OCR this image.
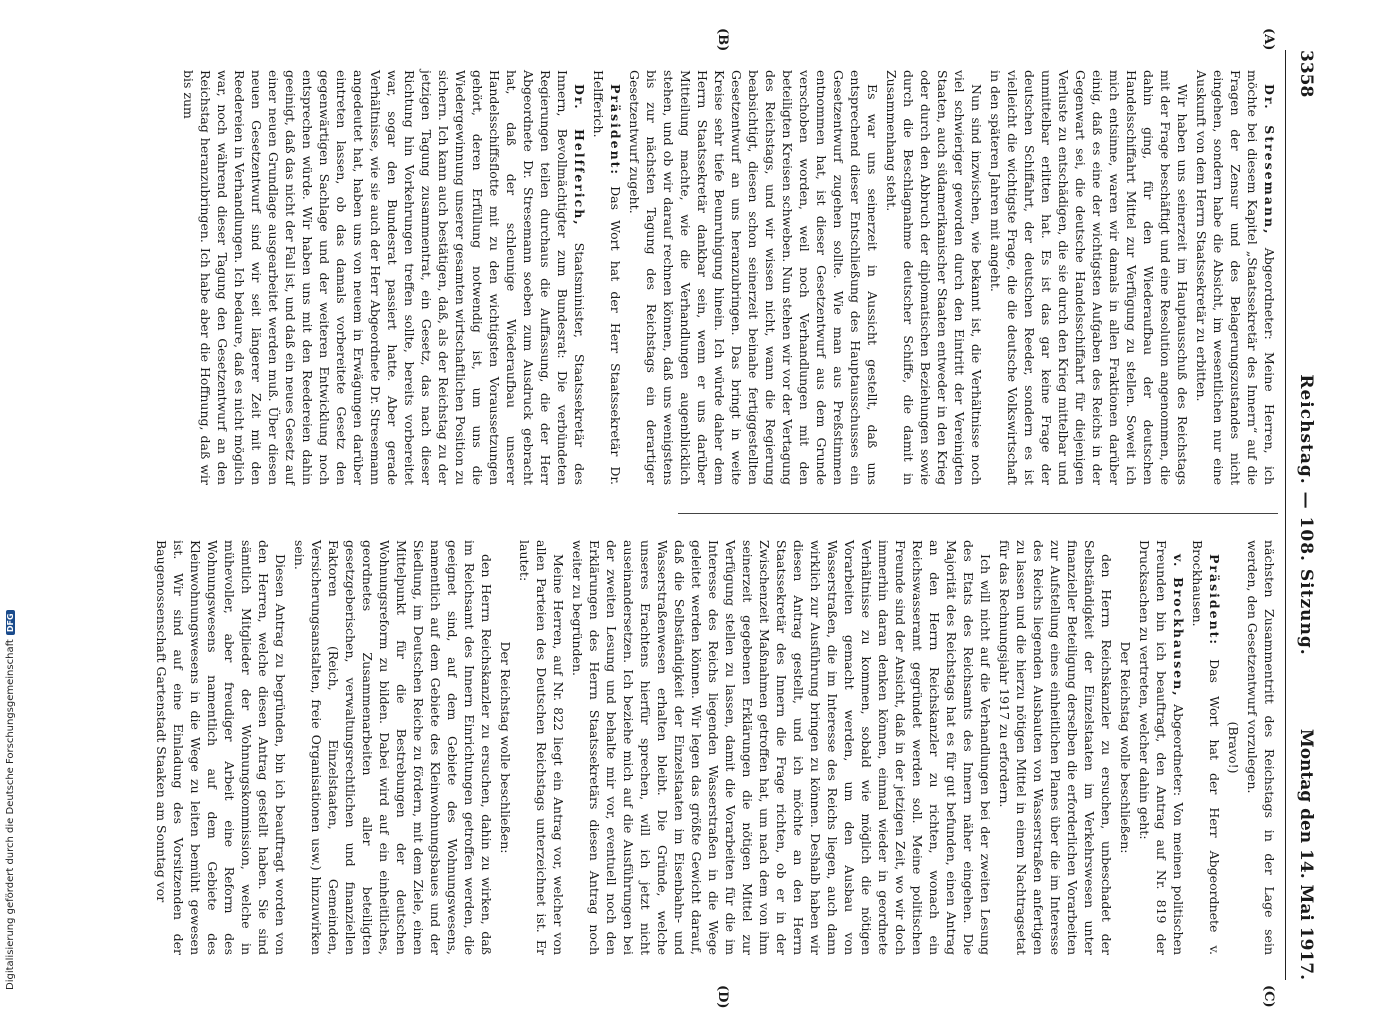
3358
Reichstag. — 108. Sitzung.
Montag den 14. Mai 1917.
(A)
(B)
(C)
(D)

Dr. Stresemann, Abgeordneter: Meine Herren, ich möchte bei diesem Kapitel „Staatssekretär des Innern“ auf die Fragen der Zensur und des Belagerungszustandes nicht eingehen, sondern habe die Absicht, im wesentlichen nur eine Auskunft von dem Herrn Staatssekretär zu erbitten.

Wir haben uns seinerzeit im Hauptausschuß des Reichstags mit der Frage beschäftigt und eine Resolution angenommen, die dahin ging, für den Wiederaufbau der deutschen Handelsschiffahrt Mittel zur Verfügung zu stellen. Soweit ich mich entsinne, waren wir damals in allen Fraktionen darüber einig, daß es eine der wichtigsten Aufgaben des Reichs in der Gegenwart sei, die deutsche Handelsschiffahrt für diejenigen Verluste zu entschädigen, die sie durch den Krieg mittelbar und unmittelbar erlitten hat. Es ist das gar keine Frage der deutschen Schiffahrt, der deutschen Reeder, sondern es ist vielleicht die wichtigste Frage, die die deutsche Volkswirtschaft in den späteren Jahren mit angeht.

Nun sind inzwischen, wie bekannt ist, die Verhältnisse noch viel schwieriger geworden durch den Eintritt der Vereinigten Staaten, auch südamerikanischer Staaten entweder in den Krieg oder durch den Abbruch der diplomatischen Beziehungen sowie durch die Beschlagnahme deutscher Schiffe, die damit in Zusammenhang steht.

Es war uns seinerzeit in Aussicht gestellt, daß uns entsprechend dieser Entschließung des Hauptausschusses ein Gesetzentwurf zugehen sollte. Wie man aus Preßstimmen entnommen hat, ist dieser Gesetzentwurf aus dem Grunde verschoben worden, weil noch Verhandlungen mit den beteiligten Kreisen schweben. Nun stehen wir vor der Vertagung des Reichstags, und wir wissen nicht, wann die Regierung beabsichtigt, diesen schon seinerzeit beinahe fertiggestellten Gesetzentwurf an uns heranzubringen. Das bringt in weite Kreise sehr tiefe Beunruhigung hinein. Ich würde daher dem Herrn Staatssekretär dankbar sein, wenn er uns darüber Mitteilung machte, wie die Verhandlungen augenblicklich stehen, und ob wir darauf rechnen können, daß uns wenigstens bis zur nächsten Tagung des Reichstags ein derartiger Gesetzentwurf zugeht.

Präsident: Das Wort hat der Herr Staatssekretär Dr. Helfferich.

Dr. Helfferich, Staatsminister, Staatssekretär des Innern, Bevollmächtigter zum Bundesrat: Die verbündeten Regierungen teilen durchaus die Auffassung, die der Herr Abgeordnete Dr. Stresemann soeben zum Ausdruck gebracht hat, daß der schleunige Wiederaufbau unserer Handelsschiffsflotte mit zu den wichtigsten Voraussetzungen gehört, deren Erfüllung notwendig ist, um uns die Wiedergewinnung unserer gesamten wirtschaftlichen Position zu sichern. Ich kann auch bestätigen, daß, als der Reichstag zu der jetzigen Tagung zusammentrat, ein Gesetz, das nach dieser Richtung hin Vorkehrungen treffen sollte, bereits vorbereitet war, sogar den Bundesrat passiert hatte. Aber gerade Verhältnisse, wie sie auch der Herr Abgeordnete Dr. Stresemann angedeutet hat, haben uns von neuem in Erwägungen darüber eintreten lassen, ob das damals vorbereitete Gesetz den gegenwärtigen Sachlage und der weiteren Entwicklung noch entsprechen würde. Wir haben uns mit den Reedereien dahin geeinigt, daß das nicht der Fall ist, und daß ein neues Gesetz auf einer neuen Grundlage ausgearbeitet werden muß. Über diesen neuen Gesetzentwurf sind wir seit längerer Zeit mit den Reedereien in Verhandlungen. Ich bedaure, daß es nicht möglich war, noch während dieser Tagung den Gesetzentwurf an den Reichstag heranzubringen. Ich habe aber die Hoffnung, daß wir bis zum

nächsten Zusammentritt des Reichstags in der Lage sein werden, den Gesetzentwurf vorzulegen.

(Bravo!)

Präsident: Das Wort hat der Herr Abgeordnete v. Brockhausen.

v. Brockhausen, Abgeordneter: Von meinen politischen Freunden bin ich beauftragt, den Antrag auf Nr. 819 der Drucksachen zu vertreten, welcher dahin geht:

Der Reichstag wolle beschließen:

den Herrn Reichskanzler zu ersuchen, unbeschadet der Selbständigkeit der Einzelstaaten im Verkehrswesen unter finanzieller Beteiligung derselben die erforderlichen Vorarbeiten zur Aufstellung eines einheitlichen Planes über die im Interesse des Reichs liegenden Ausbauten von Wasserstraßen anfertigen zu lassen und die hierzu nötigen Mittel in einem Nachtragsetat für das Rechnungsjahr 1917 zu erfordern.

Ich will nicht auf die Verhandlungen bei der zweiten Lesung des Etats des Reichsamts des Innern näher eingehen. Die Majorität des Reichstags hat es für gut befunden, einen Antrag an den Herrn Reichskanzler zu richten, wonach ein Reichswasseramt gegründet werden soll. Meine politischen Freunde sind der Ansicht, daß in der jetzigen Zeit, wo wir doch immerhin daran denken können, einmal wieder in geordnete Verhältnisse zu kommen, sobald wie möglich die nötigen Vorarbeiten gemacht werden, um den Ausbau von Wasserstraßen, die im Interesse des Reichs liegen, auch dann wirklich zur Ausführung bringen zu können. Deshalb haben wir diesen Antrag gestellt, und ich möchte an den Herrn Staatssekretär des Innern die Frage richten, ob er in der Zwischenzeit Maßnahmen getroffen hat, um nach dem von ihm seinerzeit gegebenen Erklärungen die nötigen Mittel zur Verfügung stellen zu lassen, damit die Vorarbeiten für die im Interesse des Reichs liegenden Wasserstraßen in die Wege geleitet werden können. Wir legen das größte Gewicht darauf, daß die Selbständigkeit der Einzelstaaten im Eisenbahn- und Wasserstraßenwesen erhalten bleibt. Die Gründe, welche unseres Erachtens hierfür sprechen, will ich jetzt nicht auseinandersetzen. Ich beziehe mich auf die Ausführungen bei der zweiten Lesung und behalte mir vor, eventuell noch den Erklärungen des Herrn Staatssekretärs diesen Antrag noch weiter zu begründen.

Meine Herren, auf Nr. 822 liegt ein Antrag vor, welcher von allen Parteien des Deutschen Reichstags unterzeichnet ist. Er lautet:

Der Reichstag wolle beschließen:

den Herrn Reichskanzler zu ersuchen, dahin zu wirken, daß im Reichsamt des Innern Einrichtungen getroffen werden, die geeignet sind, auf dem Gebiete des Wohnungswesens, namentlich auf dem Gebiete des Kleinwohnungsbaues und der Siedlung, im Deutschen Reiche zu fördern, mit dem Ziele, einen Mittelpunkt für die Bestrebungen der deutschen Wohnungsreform zu bilden. Dabei wird auf ein einheitliches, geordnetes Zusammenarbeiten aller beteiligten gesetzgeberischen, verwaltungsrechtlichen und finanziellen Faktoren (Reich, Einzelstaaten, Gemeinden, Versicherungsanstalten, freie Organisationen usw.) hinzuwirken sein.

Diesen Antrag zu begründen, bin ich beauftragt worden von den Herren, welche diesen Antrag gestellt haben. Sie sind sämtlich Mitglieder der Wohnungskommission, welche in mühevoller, aber freudiger Arbeit eine Reform des Wohnungswesens namentlich auf dem Gebiete des Kleinwohnungswesens in die Wege zu leiten bemüht gewesen ist. Wir sind auf eine Einladung des Vorsitzenden der Baugenossenschaft Gartenstadt Staaken am Sonntag vor

Digitalisierung gefördert durch die Deutsche Forschungsgemeinschaft
DFG
